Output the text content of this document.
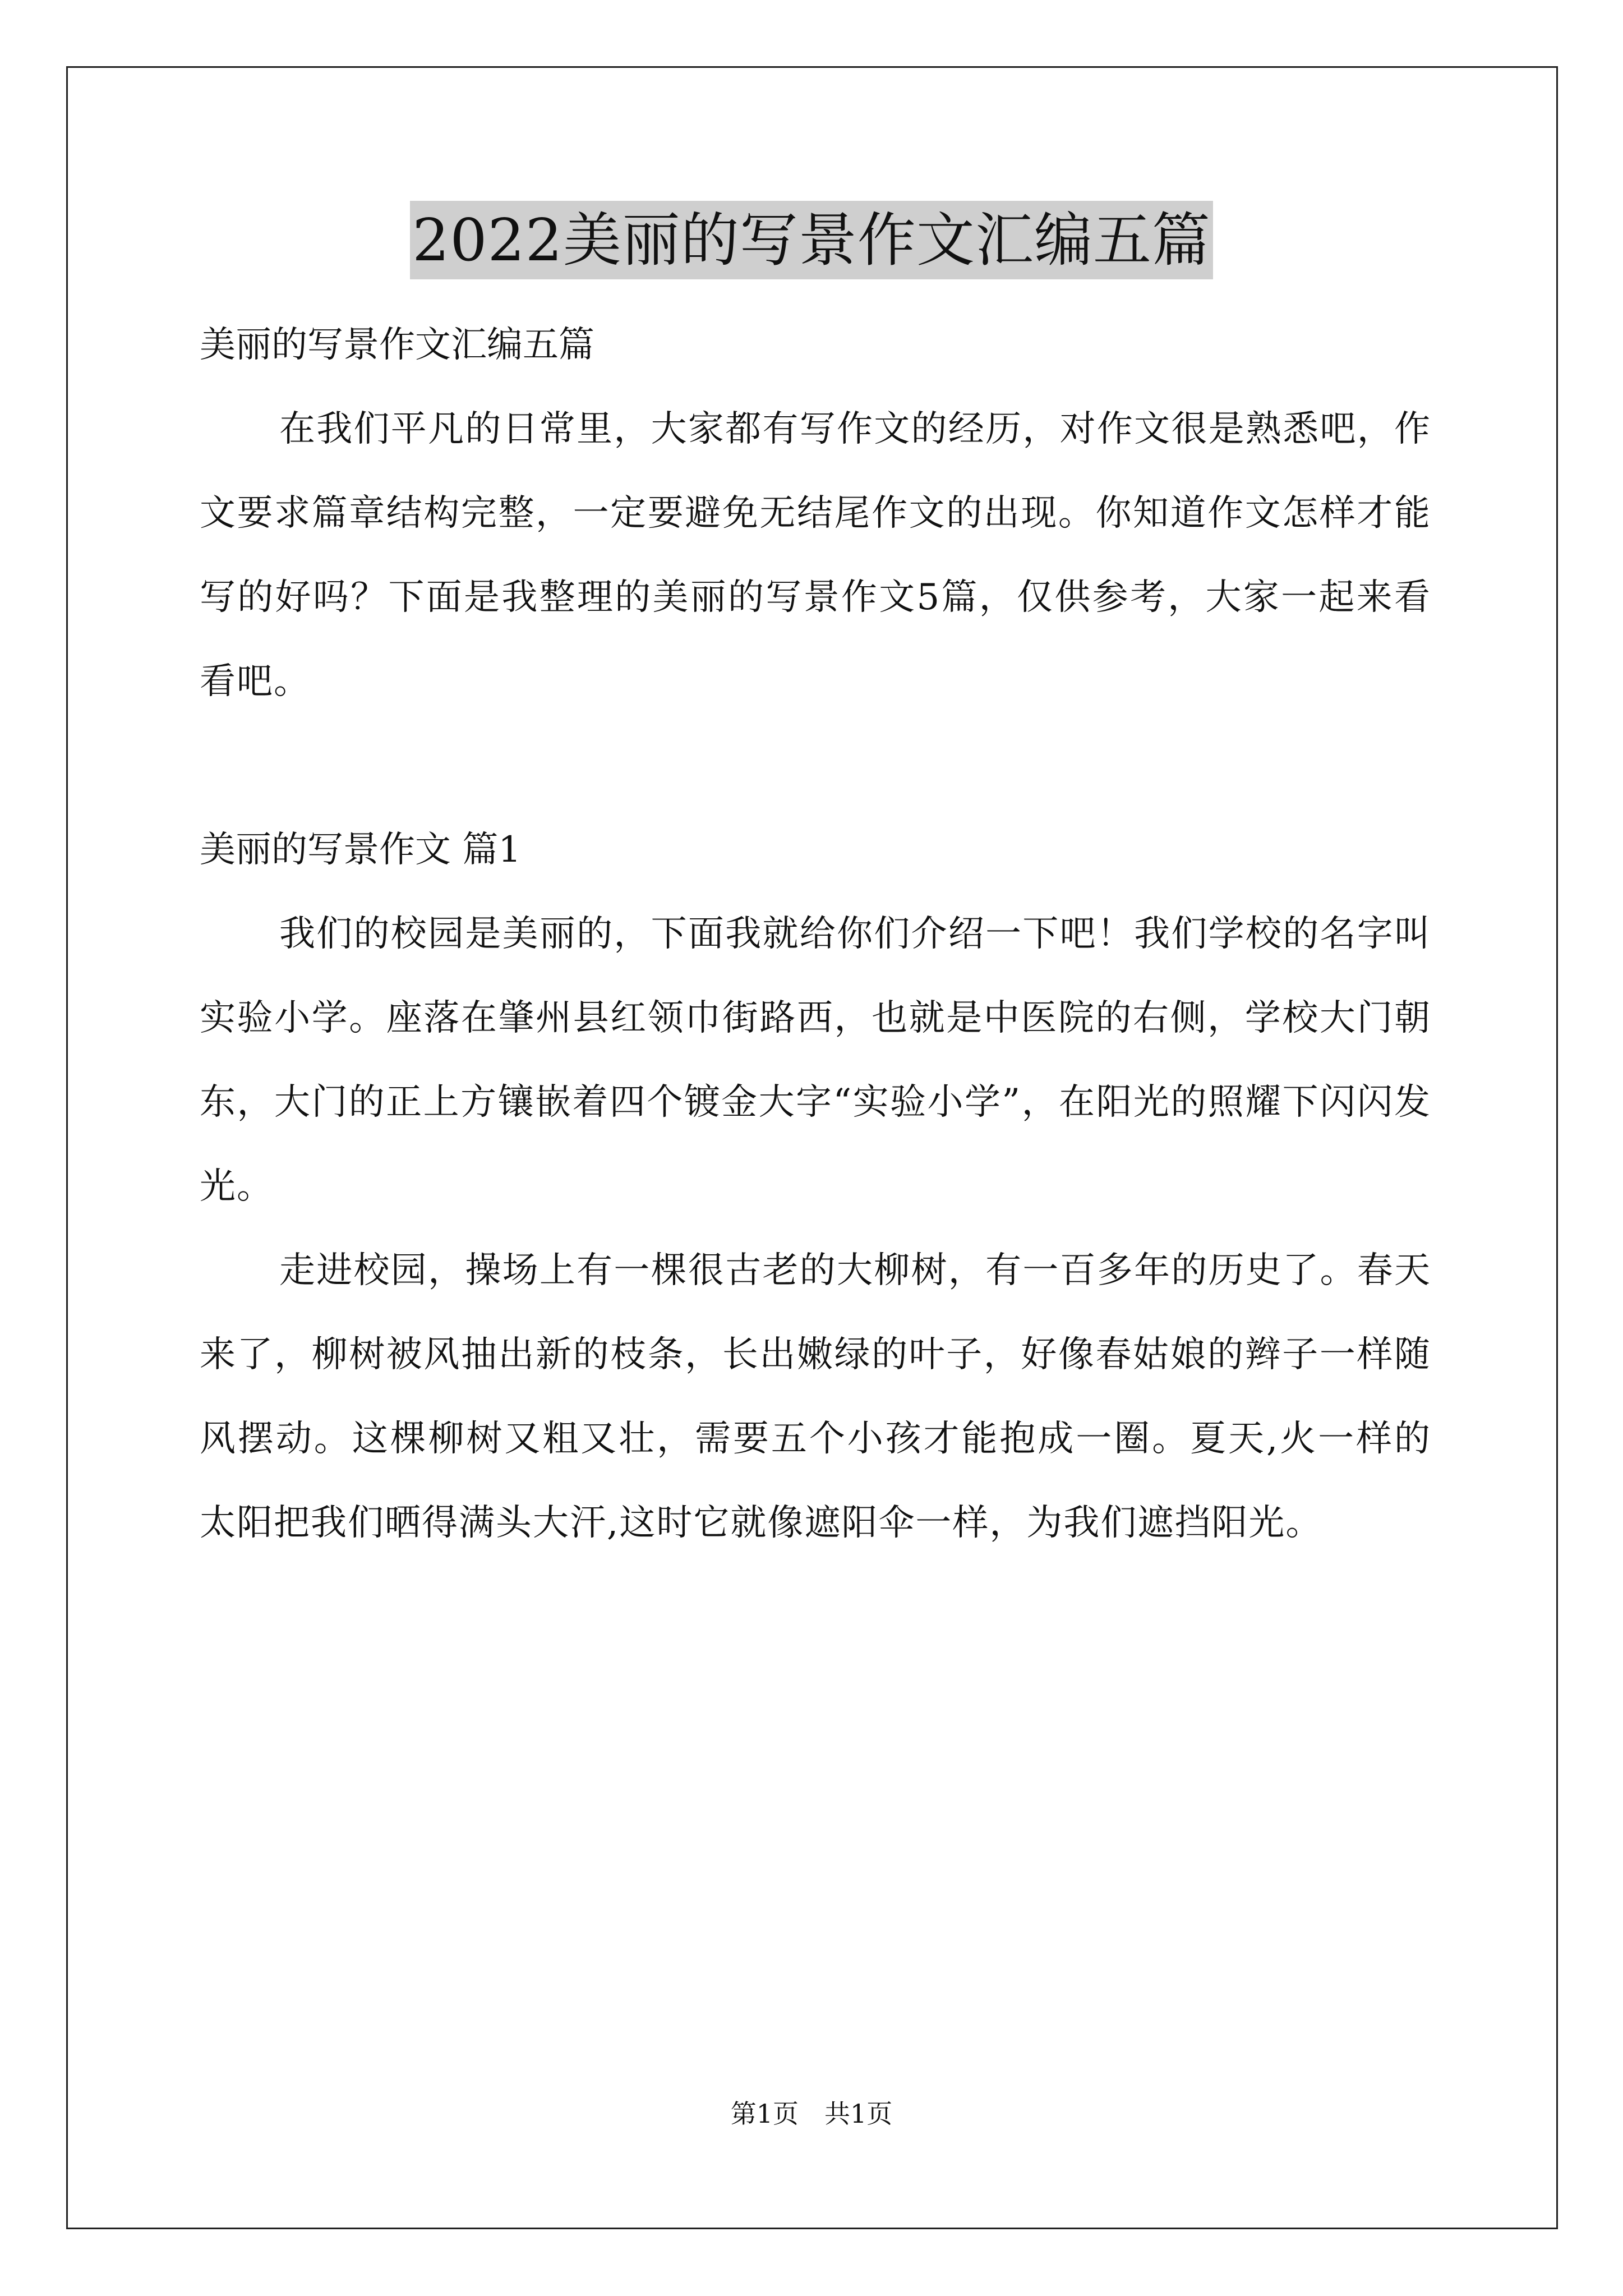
2022美丽的写景作文汇编五篇

美丽的写景作文汇编五篇

在我们平凡的日常里，大家都有写作文的经历，对作文很是熟悉吧，作文要求篇章结构完整，一定要避免无结尾作文的出现。你知道作文怎样才能写的好吗？下面是我整理的美丽的写景作文5篇，仅供参考，大家一起来看看吧。

美丽的写景作文 篇1

我们的校园是美丽的，下面我就给你们介绍一下吧！我们学校的名字叫实验小学。座落在肇州县红领巾街路西，也就是中医院的右侧，学校大门朝东，大门的正上方镶嵌着四个镀金大字“实验小学”，在阳光的照耀下闪闪发光。

走进校园，操场上有一棵很古老的大柳树，有一百多年的历史了。春天来了，柳树被风抽出新的枝条，长出嫩绿的叶子，好像春姑娘的辫子一样随风摆动。这棵柳树又粗又壮，需要五个小孩才能抱成一圈。夏天,火一样的太阳把我们晒得满头大汗,这时它就像遮阳伞一样，为我们遮挡阳光。

第1页　共1页
